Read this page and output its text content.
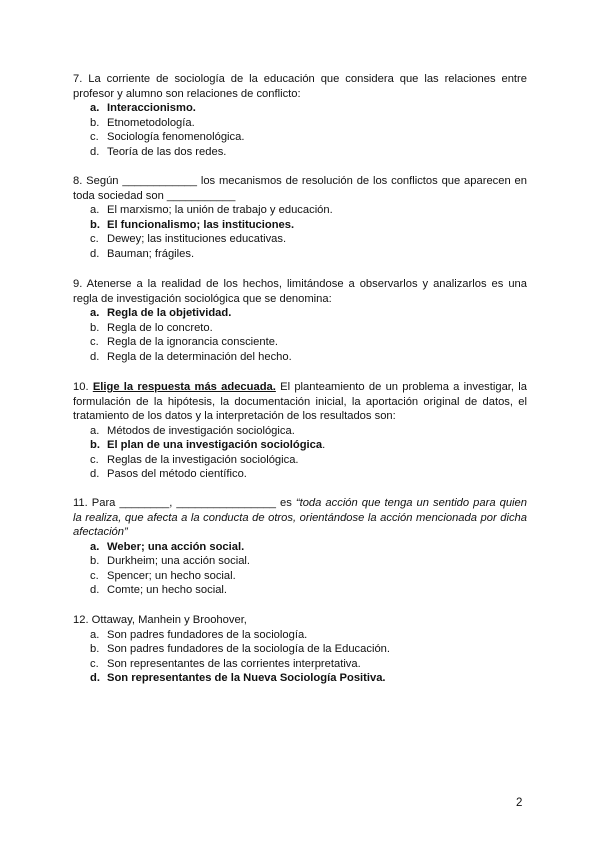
7. La corriente de sociología de la educación que considera que las relaciones entre profesor y alumno son relaciones de conflicto:

a. Interaccionismo.
b. Etnometodología.
c. Sociología fenomenológica.
d. Teoría de las dos redes.

8. Según ____________ los mecanismos de resolución de los conflictos que aparecen en toda sociedad son ___________

a. El marxismo; la unión de trabajo y educación.
b. El funcionalismo; las instituciones.
c. Dewey; las instituciones educativas.
d. Bauman; frágiles.

9. Atenerse a la realidad de los hechos, limitándose a observarlos y analizarlos es una regla de investigación sociológica que se denomina:

a. Regla de la objetividad.
b. Regla de lo concreto.
c. Regla de la ignorancia consciente.
d. Regla de la determinación del hecho.

10. Elige la respuesta más adecuada. El planteamiento de un problema a investigar, la formulación de la hipótesis, la documentación inicial, la aportación original de datos, el tratamiento de los datos y la interpretación de los resultados son:

a. Métodos de investigación sociológica.
b. El plan de una investigación sociológica.
c. Reglas de la investigación sociológica.
d. Pasos del método científico.

11. Para ________, ________________ es “toda acción que tenga un sentido para quien la realiza, que afecta a la conducta de otros, orientándose la acción mencionada por dicha afectación”

a. Weber; una acción social.
b. Durkheim; una acción social.
c. Spencer; un hecho social.
d. Comte; un hecho social.

12. Ottaway, Manhein y Broohover,

a. Son padres fundadores de la sociología.
b. Son padres fundadores de la sociología de la Educación.
c. Son representantes de las corrientes interpretativa.
d. Son representantes de la Nueva Sociología Positiva.
2
